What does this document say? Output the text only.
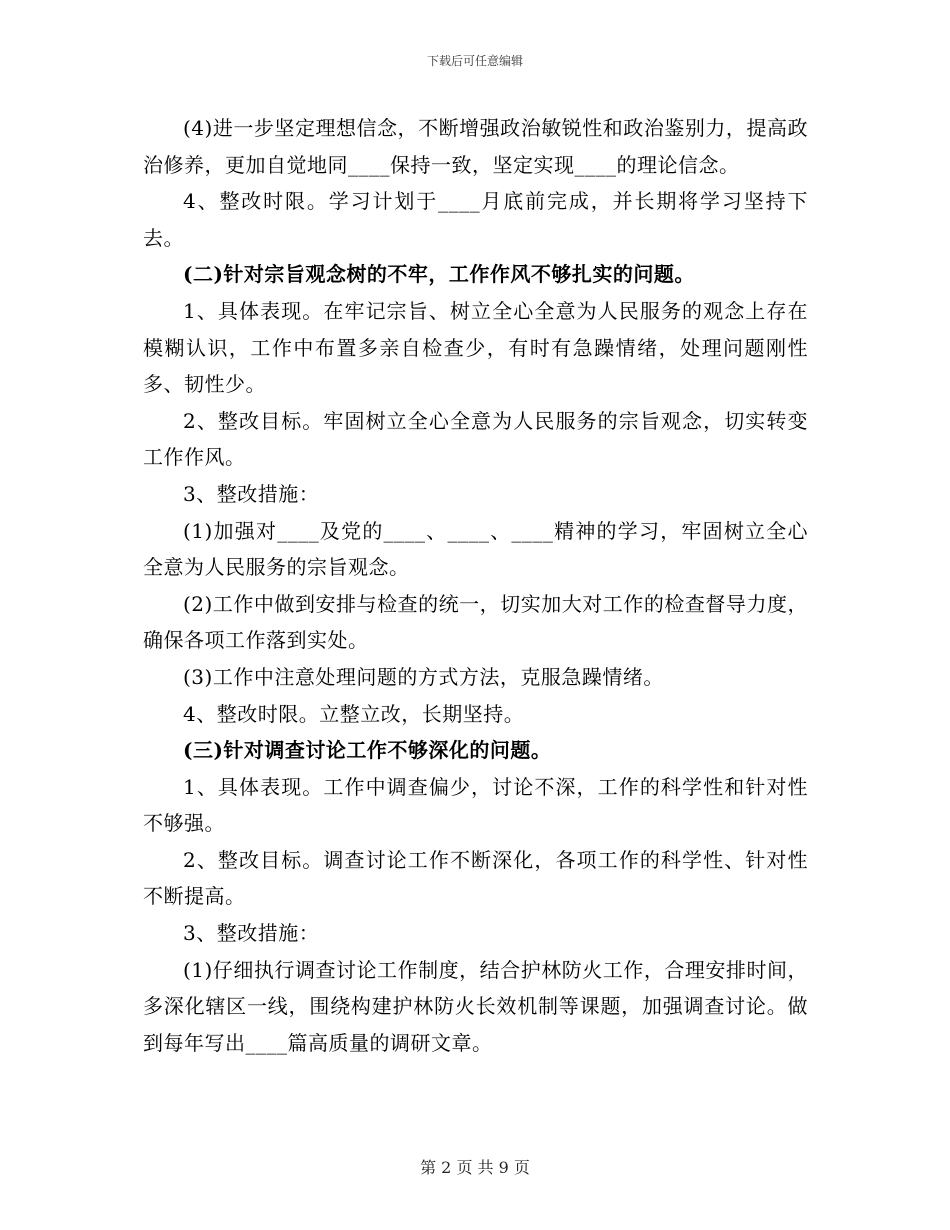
下载后可任意编辑

(4)进一步坚定理想信念，不断增强政治敏锐性和政治鉴别力，提高政治修养，更加自觉地同____保持一致，坚定实现____的理论信念。

4、整改时限。学习计划于____月底前完成，并长期将学习坚持下去。

(二)针对宗旨观念树的不牢，工作作风不够扎实的问题。

1、具体表现。在牢记宗旨、树立全心全意为人民服务的观念上存在模糊认识，工作中布置多亲自检查少，有时有急躁情绪，处理问题刚性多、韧性少。

2、整改目标。牢固树立全心全意为人民服务的宗旨观念，切实转变工作作风。

3、整改措施：

(1)加强对____及党的____、____、____精神的学习，牢固树立全心全意为人民服务的宗旨观念。

(2)工作中做到安排与检查的统一，切实加大对工作的检查督导力度，确保各项工作落到实处。

(3)工作中注意处理问题的方式方法，克服急躁情绪。

4、整改时限。立整立改，长期坚持。

(三)针对调查讨论工作不够深化的问题。

1、具体表现。工作中调查偏少，讨论不深，工作的科学性和针对性不够强。

2、整改目标。调查讨论工作不断深化，各项工作的科学性、针对性不断提高。

3、整改措施：

(1)仔细执行调查讨论工作制度，结合护林防火工作，合理安排时间，多深化辖区一线，围绕构建护林防火长效机制等课题，加强调查讨论。做到每年写出____篇高质量的调研文章。

第 2 页 共 9 页
